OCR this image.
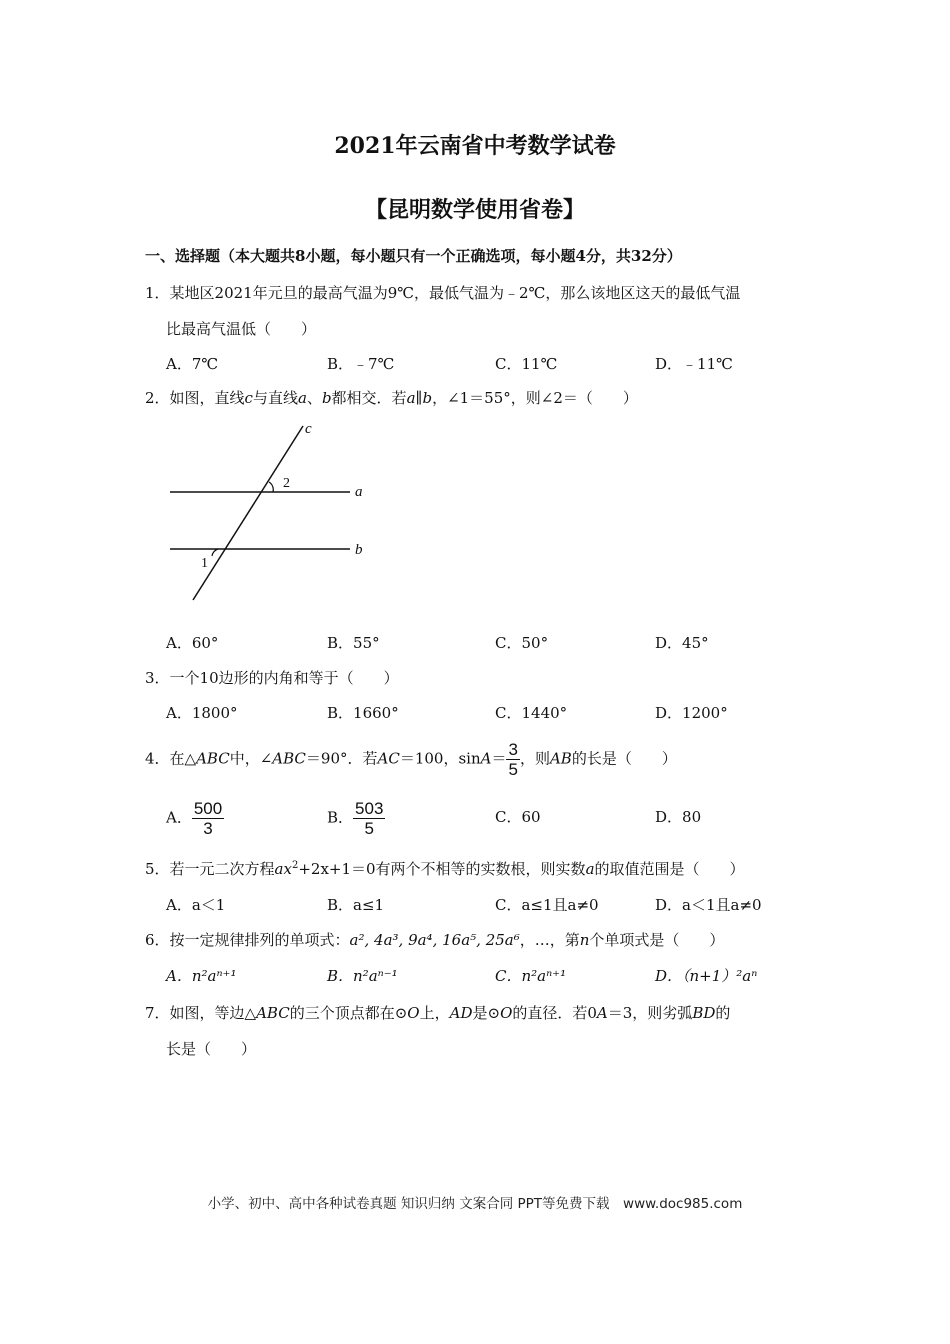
2021年云南省中考数学试卷
【昆明数学使用省卷】
一、选择题（本大题共8小题，每小题只有一个正确选项，每小题4分，共32分）
1．某地区2021年元旦的最高气温为9℃，最低气温为﹣2℃，那么该地区这天的最低气温
比最高气温低（　　）
A．7℃	B．﹣7℃	C．11℃	D．﹣11℃
2．如图，直线c与直线a、b都相交．若a∥b，∠1＝55°，则∠2＝（　　）
c
a
b
2
1
A．60°	B．55°	C．50°	D．45°
3．一个10边形的内角和等于（　　）
A．1800°	B．1660°	C．1440°	D．1200°
4．在△ABC中，∠ABC＝90°．若AC＝100，$\sin A= \frac{3}{5}$ ，则AB的长是（　　）
A． $\frac{500}{3}$	B． $\frac{503}{5}$	C．60	D．80
5．若一元二次方程$ax^2+2x+1=0$有两个不相等的实数根，则实数a的取值范围是（　　）
A．a＜1	B．a≤1	C．a≤1且a≠0	D．a＜1且a≠0
6．按一定规律排列的单项式：a², 4a³, 9a⁴, 16a⁵, 25a⁶，…，第n个单项式是（　　）
A．n²aⁿ⁺¹	B．n²aⁿ⁻¹	C．n²aⁿ⁺¹	D．（n+1）²aⁿ
7．如图，等边△ABC的三个顶点都在⊙O上，AD是⊙O的直径．若0A＝3，则劣弧BD的
长是（　　）
小学、初中、高中各种试卷真题 知识归纳 文案合同 PPT等免费下载　www.doc985.com
